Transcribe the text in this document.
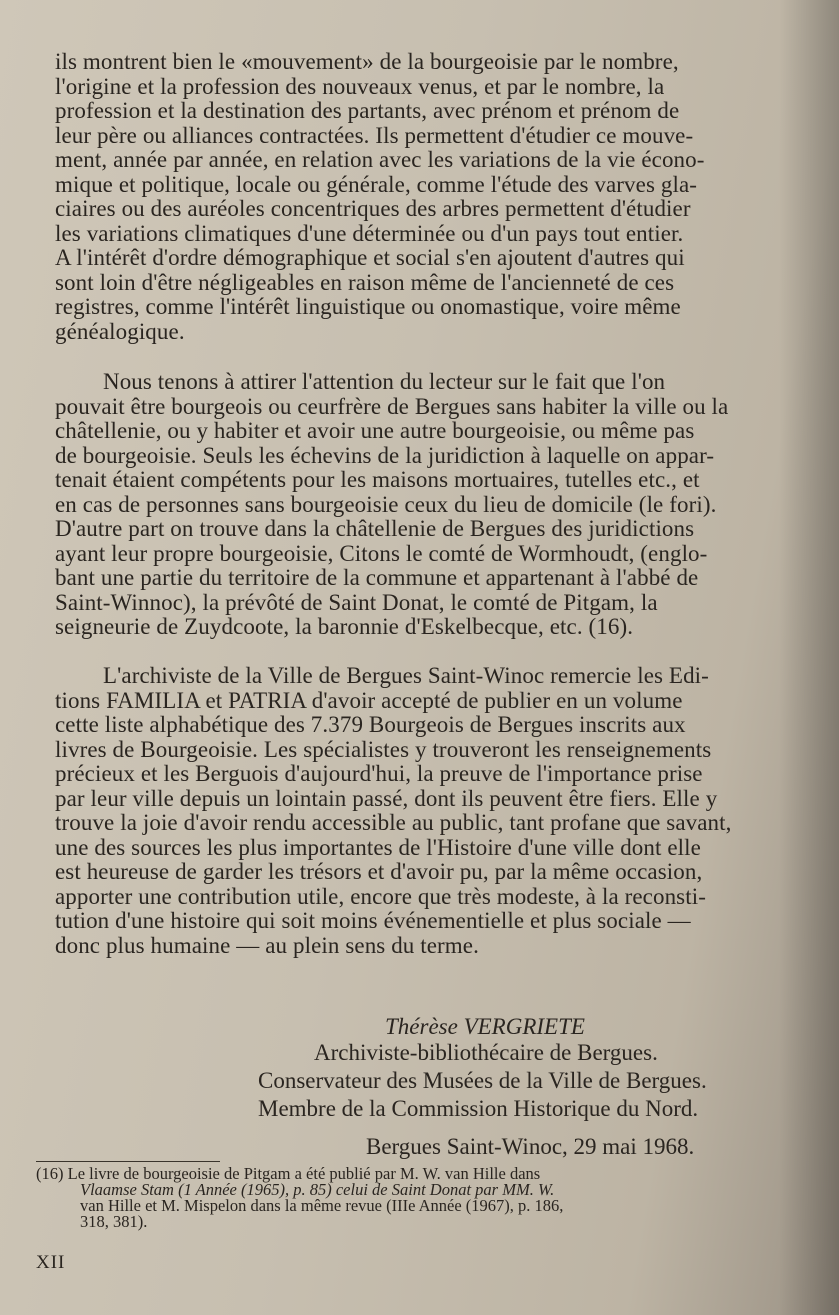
ils montrent bien le «mouvement» de la bourgeoisie par le nombre,
l'origine et la profession des nouveaux venus, et par le nombre, la
profession et la destination des partants, avec prénom et prénom de
leur père ou alliances contractées. Ils permettent d'étudier ce mouve-
ment, année par année, en relation avec les variations de la vie écono-
mique et politique, locale ou générale, comme l'étude des varves gla-
ciaires ou des auréoles concentriques des arbres permettent d'étudier
les variations climatiques d'une déterminée ou d'un pays tout entier.
A l'intérêt d'ordre démographique et social s'en ajoutent d'autres qui
sont loin d'être négligeables en raison même de l'ancienneté de ces
registres, comme l'intérêt linguistique ou onomastique, voire même
généalogique.

Nous tenons à attirer l'attention du lecteur sur le fait que l'on
pouvait être bourgeois ou ceurfrère de Bergues sans habiter la ville ou la
châtellenie, ou y habiter et avoir une autre bourgeoisie, ou même pas
de bourgeoisie. Seuls les échevins de la juridiction à laquelle on appar-
tenait étaient compétents pour les maisons mortuaires, tutelles etc., et
en cas de personnes sans bourgeoisie ceux du lieu de domicile (le fori).
D'autre part on trouve dans la châtellenie de Bergues des juridictions
ayant leur propre bourgeoisie, Citons le comté de Wormhoudt, (englo-
bant une partie du territoire de la commune et appartenant à l'abbé de
Saint-Winnoc), la prévôté de Saint Donat, le comté de Pitgam, la
seigneurie de Zuydcoote, la baronnie d'Eskelbecque, etc. (16).

L'archiviste de la Ville de Bergues Saint-Winoc remercie les Edi-
tions FAMILIA et PATRIA d'avoir accepté de publier en un volume
cette liste alphabétique des 7.379 Bourgeois de Bergues inscrits aux
livres de Bourgeoisie. Les spécialistes y trouveront les renseignements
précieux et les Berguois d'aujourd'hui, la preuve de l'importance prise
par leur ville depuis un lointain passé, dont ils peuvent être fiers. Elle y
trouve la joie d'avoir rendu accessible au public, tant profane que savant,
une des sources les plus importantes de l'Histoire d'une ville dont elle
est heureuse de garder les trésors et d'avoir pu, par la même occasion,
apporter une contribution utile, encore que très modeste, à la reconsti-
tution d'une histoire qui soit moins événementielle et plus sociale —
donc plus humaine — au plein sens du terme.

Thérèse VERGRIETE
Archiviste-bibliothécaire de Bergues.
Conservateur des Musées de la Ville de Bergues.
Membre de la Commission Historique du Nord.
Bergues Saint-Winoc, 29 mai 1968.
(16) Le livre de bourgeoisie de Pitgam a été publié par M. W. van Hille dans
Vlaamse Stam (1 Année (1965), p. 85) celui de Saint Donat par MM. W.
van Hille et M. Mispelon dans la même revue (IIIe Année (1967), p. 186,
318, 381).
XII
